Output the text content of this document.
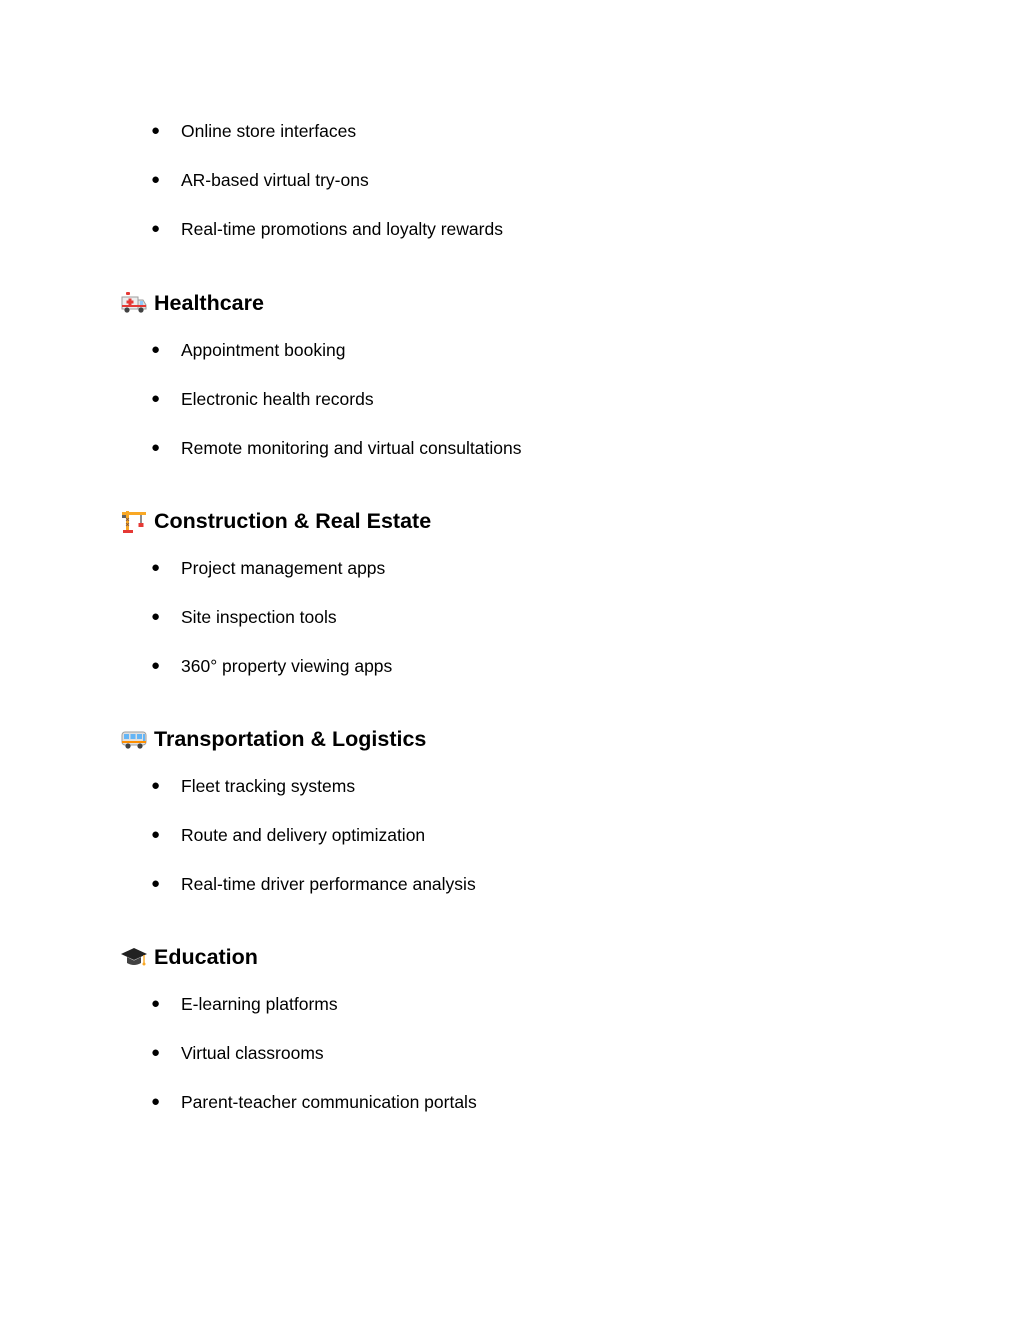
● Online store interfaces
● AR-based virtual try-ons
● Real-time promotions and loyalty rewards
Healthcare
● Appointment booking
● Electronic health records
● Remote monitoring and virtual consultations
Construction & Real Estate
● Project management apps
● Site inspection tools
● 360° property viewing apps
Transportation & Logistics
● Fleet tracking systems
● Route and delivery optimization
● Real-time driver performance analysis
Education
● E-learning platforms
● Virtual classrooms
● Parent-teacher communication portals
